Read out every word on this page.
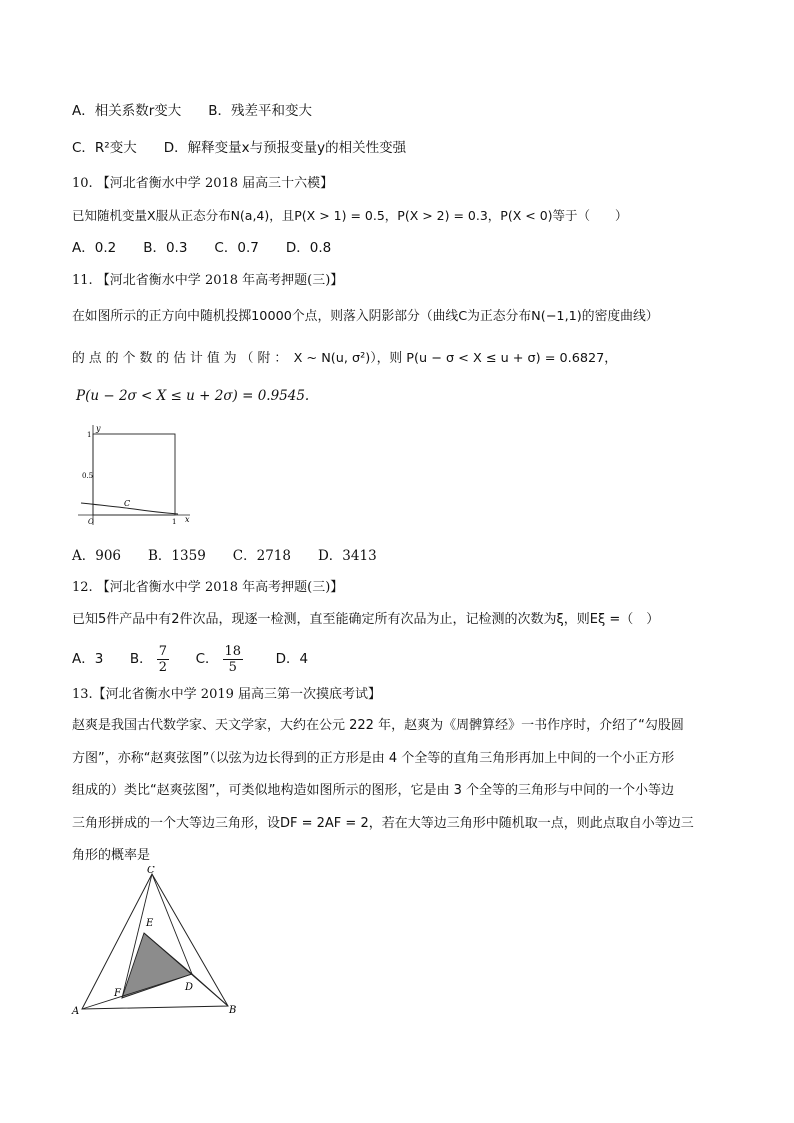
A．相关系数r变大　　B．残差平和变大
C．R²变大　　D．解释变量x与预报变量y的相关性变强
10. 【河北省衡水中学 2018 届高三十六模】
已知随机变量X服从正态分布N(a,4)，且P(X > 1) = 0.5，P(X > 2) = 0.3，P(X < 0)等于（　　）
A．0.2　　B．0.3　　C．0.7　　D．0.8
11. 【河北省衡水中学 2018 年高考押题(三)】
在如图所示的正方向中随机投掷10000个点，则落入阴影部分（曲线C为正态分布N(−1,1)的密度曲线）
的 点 的 个 数 的 估 计 值 为 （ 附 ：　X ~ N(u, σ²)），则 P(u − σ < X ≤ u + σ) = 0.6827，
P(u − 2σ < X ≤ u + 2σ) = 0.9545.
y
1
0.5
O	1 x
C
A．906　　B．1359　　C．2718　　D．3413
12. 【河北省衡水中学 2018 年高考押题(三)】
已知5件产品中有2件次品，现逐一检测，直至能确定所有次品为止，记检测的次数为ξ，则Eξ =（　）
A．3 B． $\frac{7}{2}$ C． $\frac{18}{5}$ D．4
13.【河北省衡水中学 2019 届高三第一次摸底考试】
赵爽是我国古代数学家、天文学家，大约在公元 222 年，赵爽为《周髀算经》一书作序时，介绍了“勾股圆
方图”，亦称“赵爽弦图”（以弦为边长得到的正方形是由 4 个全等的直角三角形再加上中间的一个小正方形
组成的）类比“赵爽弦图”，可类似地构造如图所示的图形，它是由 3 个全等的三角形与中间的一个小等边
三角形拼成的一个大等边三角形，设DF = 2AF = 2，若在大等边三角形中随机取一点，则此点取自小等边三
角形的概率是
C
E
F
D
A	B
